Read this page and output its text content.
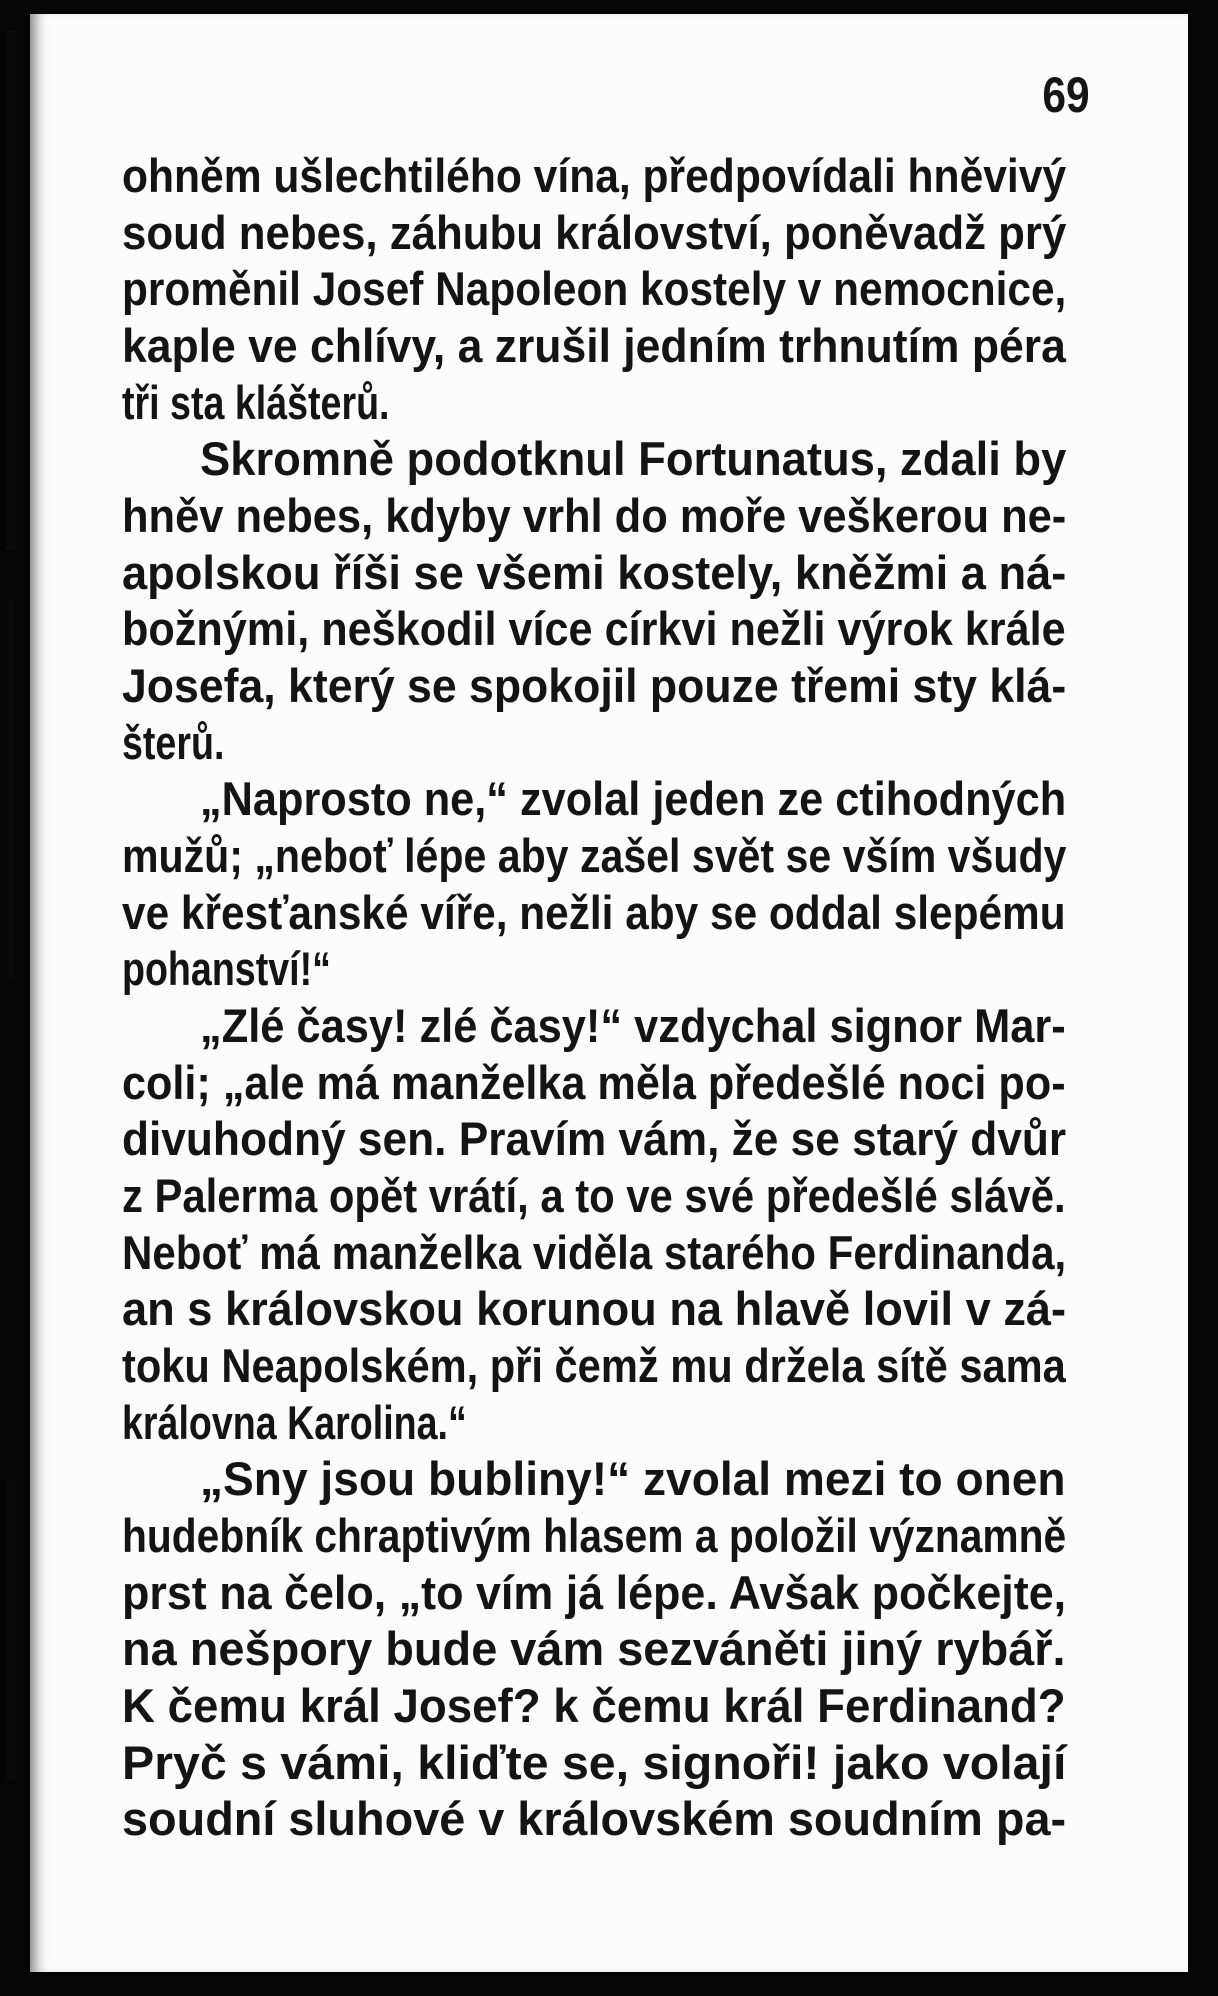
69
ohněm ušlechtilého vína, předpovídali hněvivý
soud nebes, záhubu království, poněvadž prý
proměnil Josef Napoleon kostely v nemocnice,
kaple ve chlívy, a zrušil jedním trhnutím péra
tři sta klášterů.
Skromně podotknul Fortunatus, zdali by
hněv nebes, kdyby vrhl do moře veškerou ne-
apolskou říši se všemi kostely, kněžmi a ná-
božnými, neškodil více církvi nežli výrok krále
Josefa, který se spokojil pouze třemi sty klá-
šterů.
„Naprosto ne,“ zvolal jeden ze ctihodných
mužů; „neboť lépe aby zašel svět se vším všudy
ve křesťanské víře, nežli aby se oddal slepému
pohanství!“
„Zlé časy! zlé časy!“ vzdychal signor Mar-
coli; „ale má manželka měla předešlé noci po-
divuhodný sen. Pravím vám, že se starý dvůr
z Palerma opět vrátí, a to ve své předešlé slávě.
Neboť má manželka viděla starého Ferdinanda,
an s královskou korunou na hlavě lovil v zá-
toku Neapolském, při čemž mu držela sítě sama
královna Karolina.“
„Sny jsou bubliny!“ zvolal mezi to onen
hudebník chraptivým hlasem a položil významně
prst na čelo, „to vím já lépe. Avšak počkejte,
na nešpory bude vám sezváněti jiný rybář.
K čemu král Josef? k čemu král Ferdinand?
Pryč s vámi, kliďte se, signoři! jako volají
soudní sluhové v královském soudním pa-
